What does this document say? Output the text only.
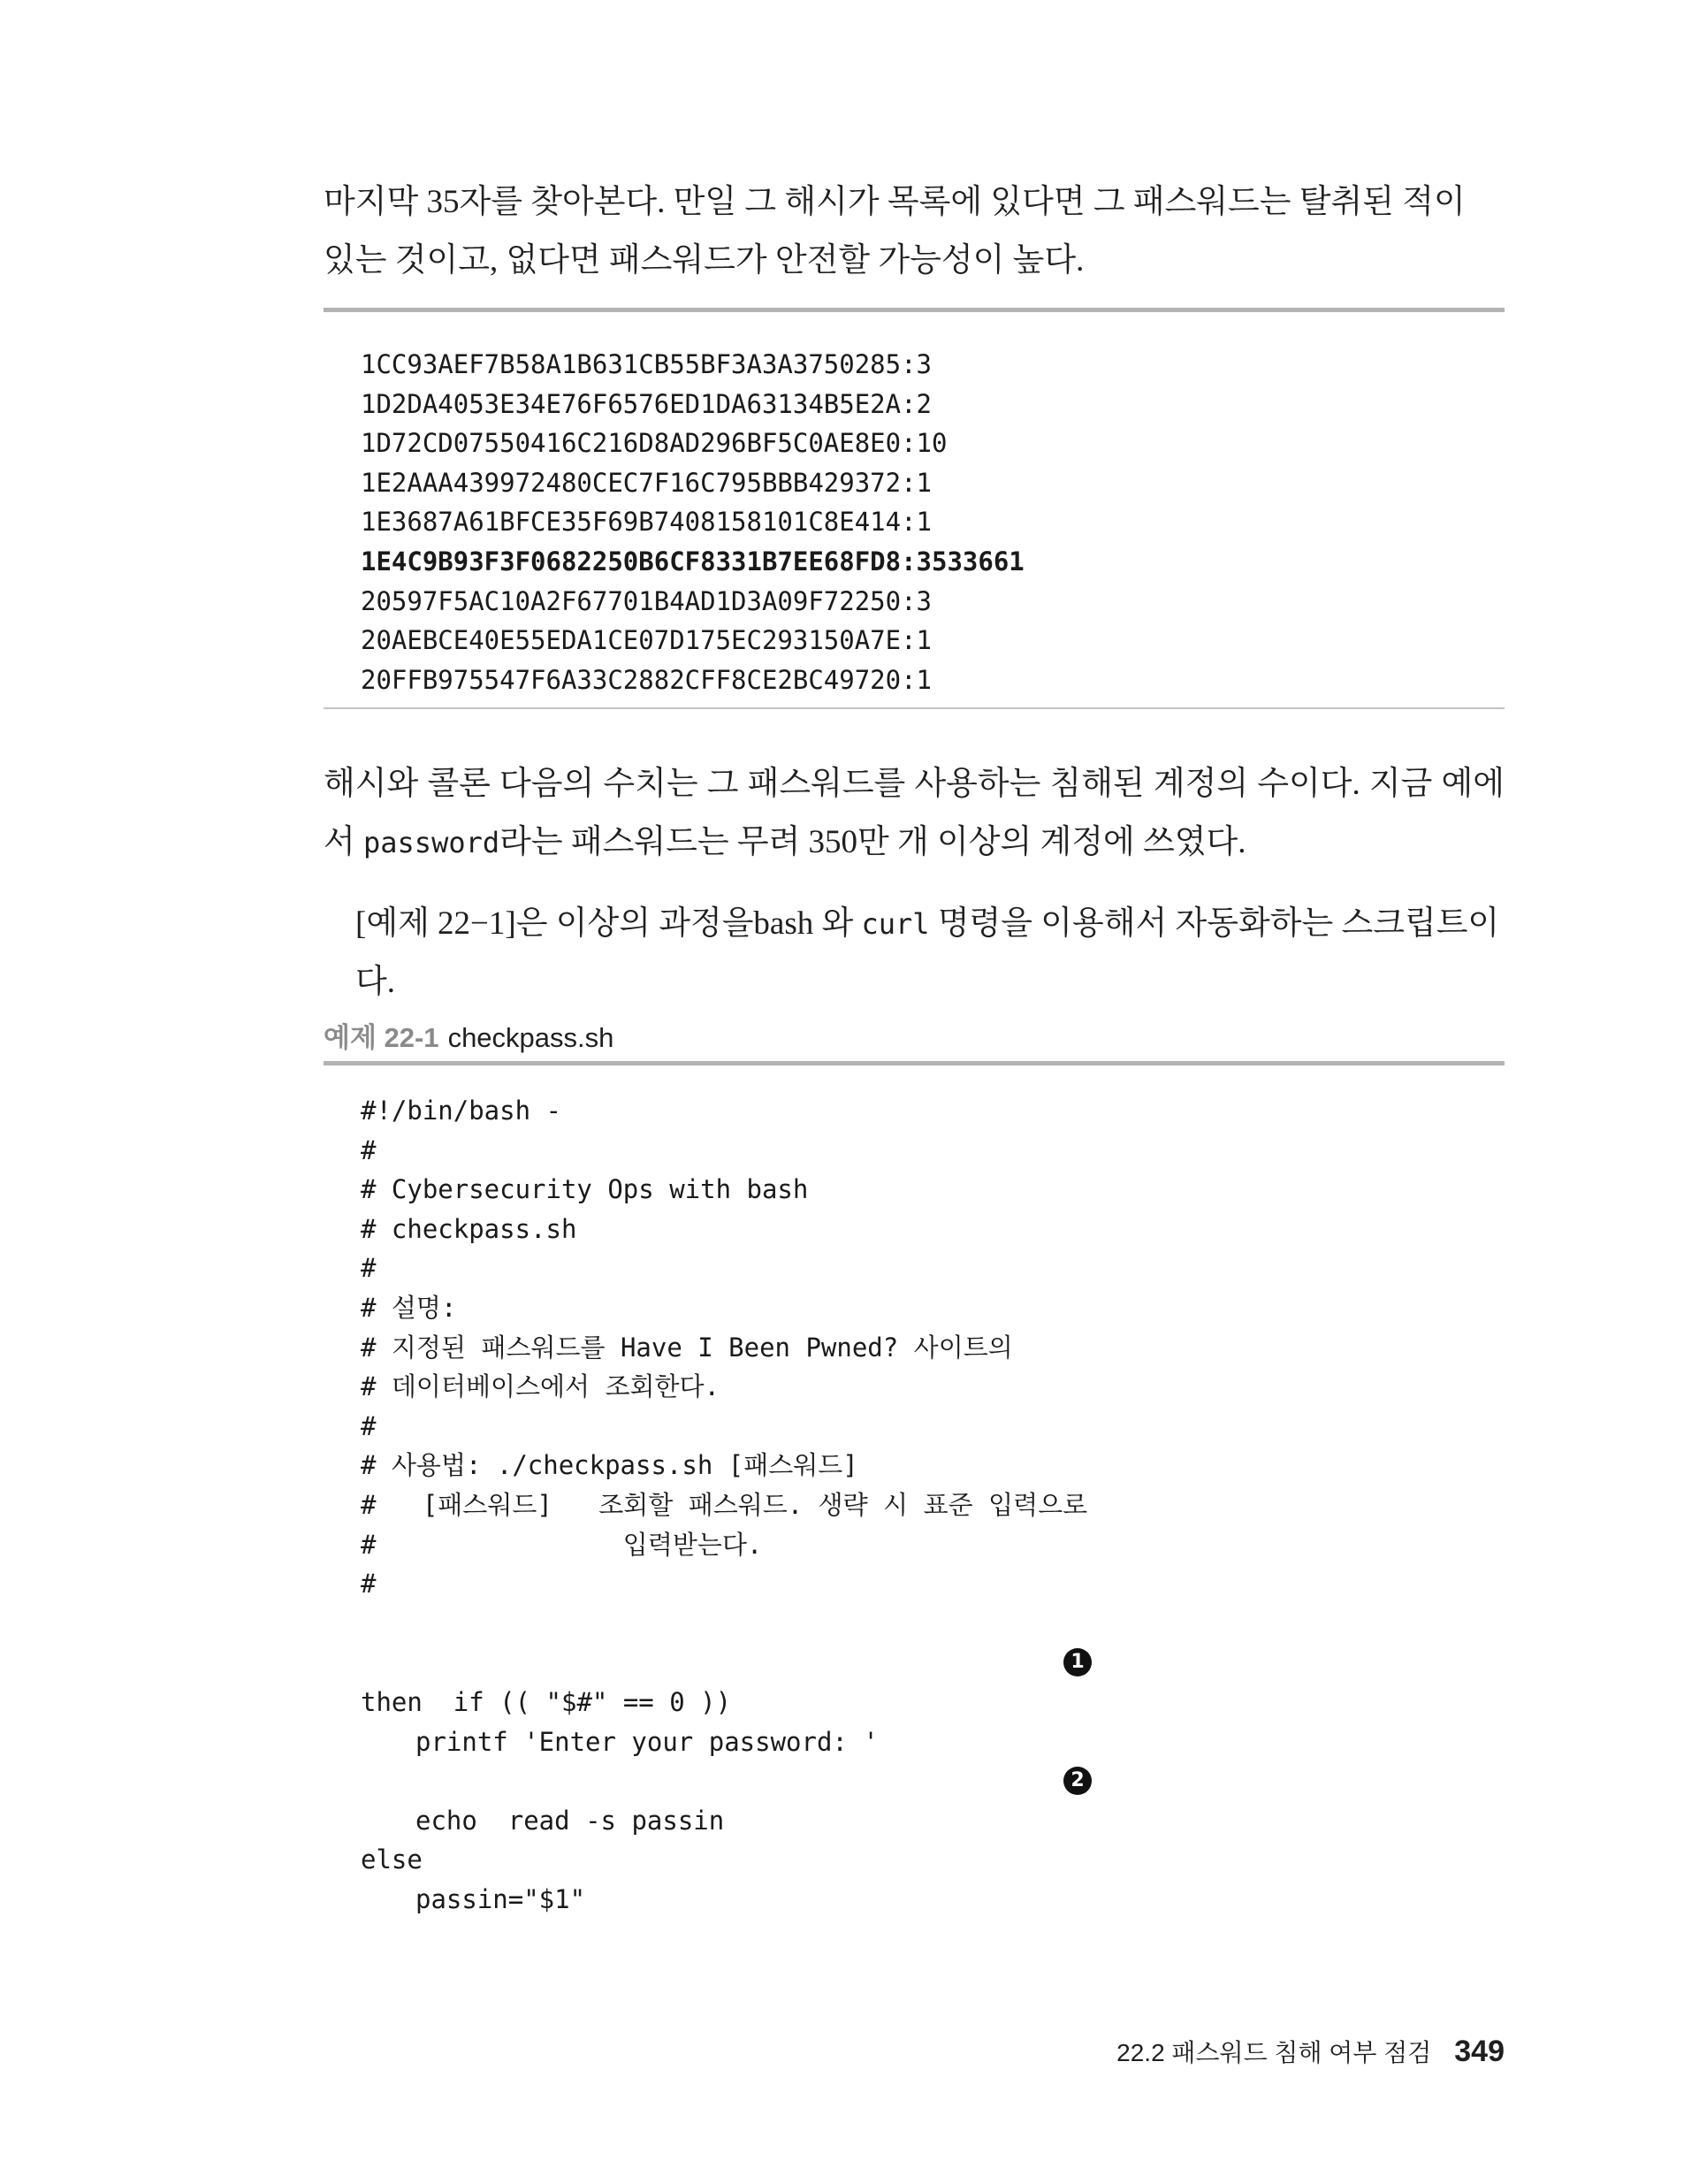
마지막 35자를 찾아본다. 만일 그 해시가 목록에 있다면 그 패스워드는 탈취된 적이 있는 것이고, 없다면 패스워드가 안전할 가능성이 높다.

1CC93AEF7B58A1B631CB55BF3A3A3750285:3
1D2DA4053E34E76F6576ED1DA63134B5E2A:2
1D72CD07550416C216D8AD296BF5C0AE8E0:10
1E2AAA439972480CEC7F16C795BBB429372:1
1E3687A61BFCE35F69B7408158101C8E414:1
1E4C9B93F3F0682250B6CF8331B7EE68FD8:3533661
20597F5AC10A2F67701B4AD1D3A09F72250:3
20AEBCE40E55EDA1CE07D175EC293150A7E:1
20FFB975547F6A33C2882CFF8CE2BC49720:1

해시와 콜론 다음의 수치는 그 패스워드를 사용하는 침해된 계정의 수이다. 지금 예에서 password라는 패스워드는 무려 350만 개 이상의 계정에 쓰였다.

[예제 22−1]은 이상의 과정을bash 와 curl 명령을 이용해서 자동화하는 스크립트이다.

예제 22-1 checkpass.sh
#!/bin/bash -
#
# Cybersecurity Ops with bash
# checkpass.sh
#
# 설명:
# 지정된 패스워드를 Have I Been Pwned? 사이트의
# 데이터베이스에서 조회한다.
#
# 사용법: ./checkpass.sh [패스워드]
#   [패스워드]   조회할 패스워드. 생략 시 표준 입력으로
#                입력받는다.
#

if (( "$#" == 0 ))

1

then
printf 'Enter your password: '

read -s passin

2

echo
else
passin="$1"
22.2 패스워드 침해 여부 점검 349
